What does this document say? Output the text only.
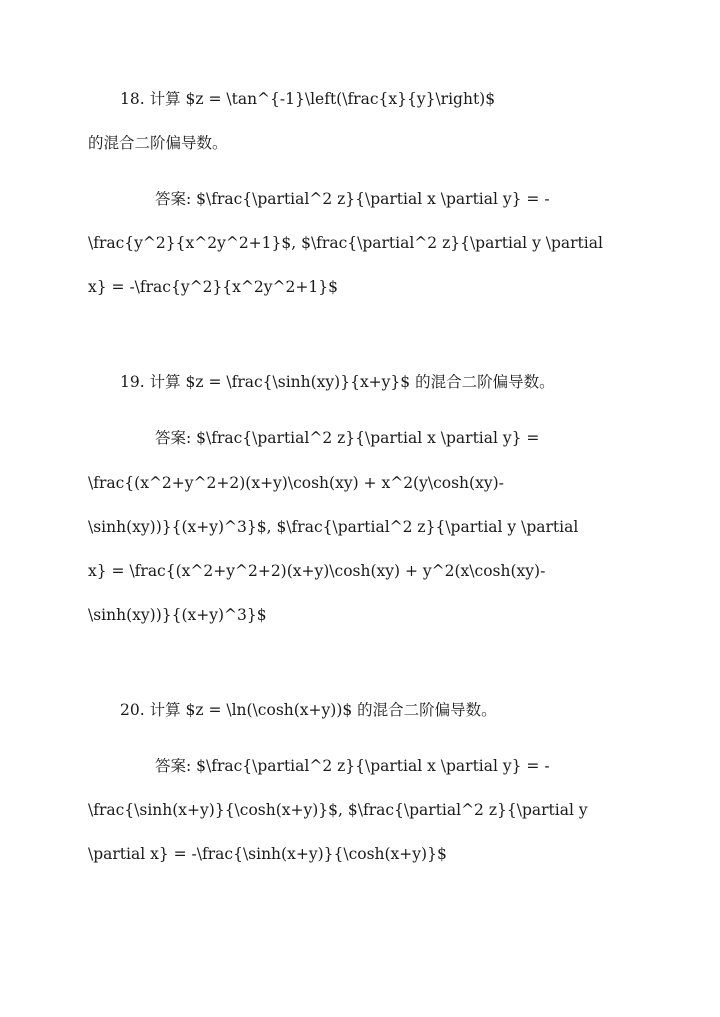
18. 计算 $z = \tan^{-1}\left(\frac{x}{y}\right)$
的混合二阶偏导数。
答案: $\frac{\partial^2 z}{\partial x \partial y} = -
\frac{y^2}{x^2y^2+1}$, $\frac{\partial^2 z}{\partial y \partial
x} = -\frac{y^2}{x^2y^2+1}$
19. 计算 $z = \frac{\sinh(xy)}{x+y}$ 的混合二阶偏导数。
答案: $\frac{\partial^2 z}{\partial x \partial y} =
\frac{(x^2+y^2+2)(x+y)\cosh(xy) + x^2(y\cosh(xy)-
\sinh(xy))}{(x+y)^3}$, $\frac{\partial^2 z}{\partial y \partial
x} = \frac{(x^2+y^2+2)(x+y)\cosh(xy) + y^2(x\cosh(xy)-
\sinh(xy))}{(x+y)^3}$
20. 计算 $z = \ln(\cosh(x+y))$ 的混合二阶偏导数。
答案: $\frac{\partial^2 z}{\partial x \partial y} = -
\frac{\sinh(x+y)}{\cosh(x+y)}$, $\frac{\partial^2 z}{\partial y
\partial x} = -\frac{\sinh(x+y)}{\cosh(x+y)}$
